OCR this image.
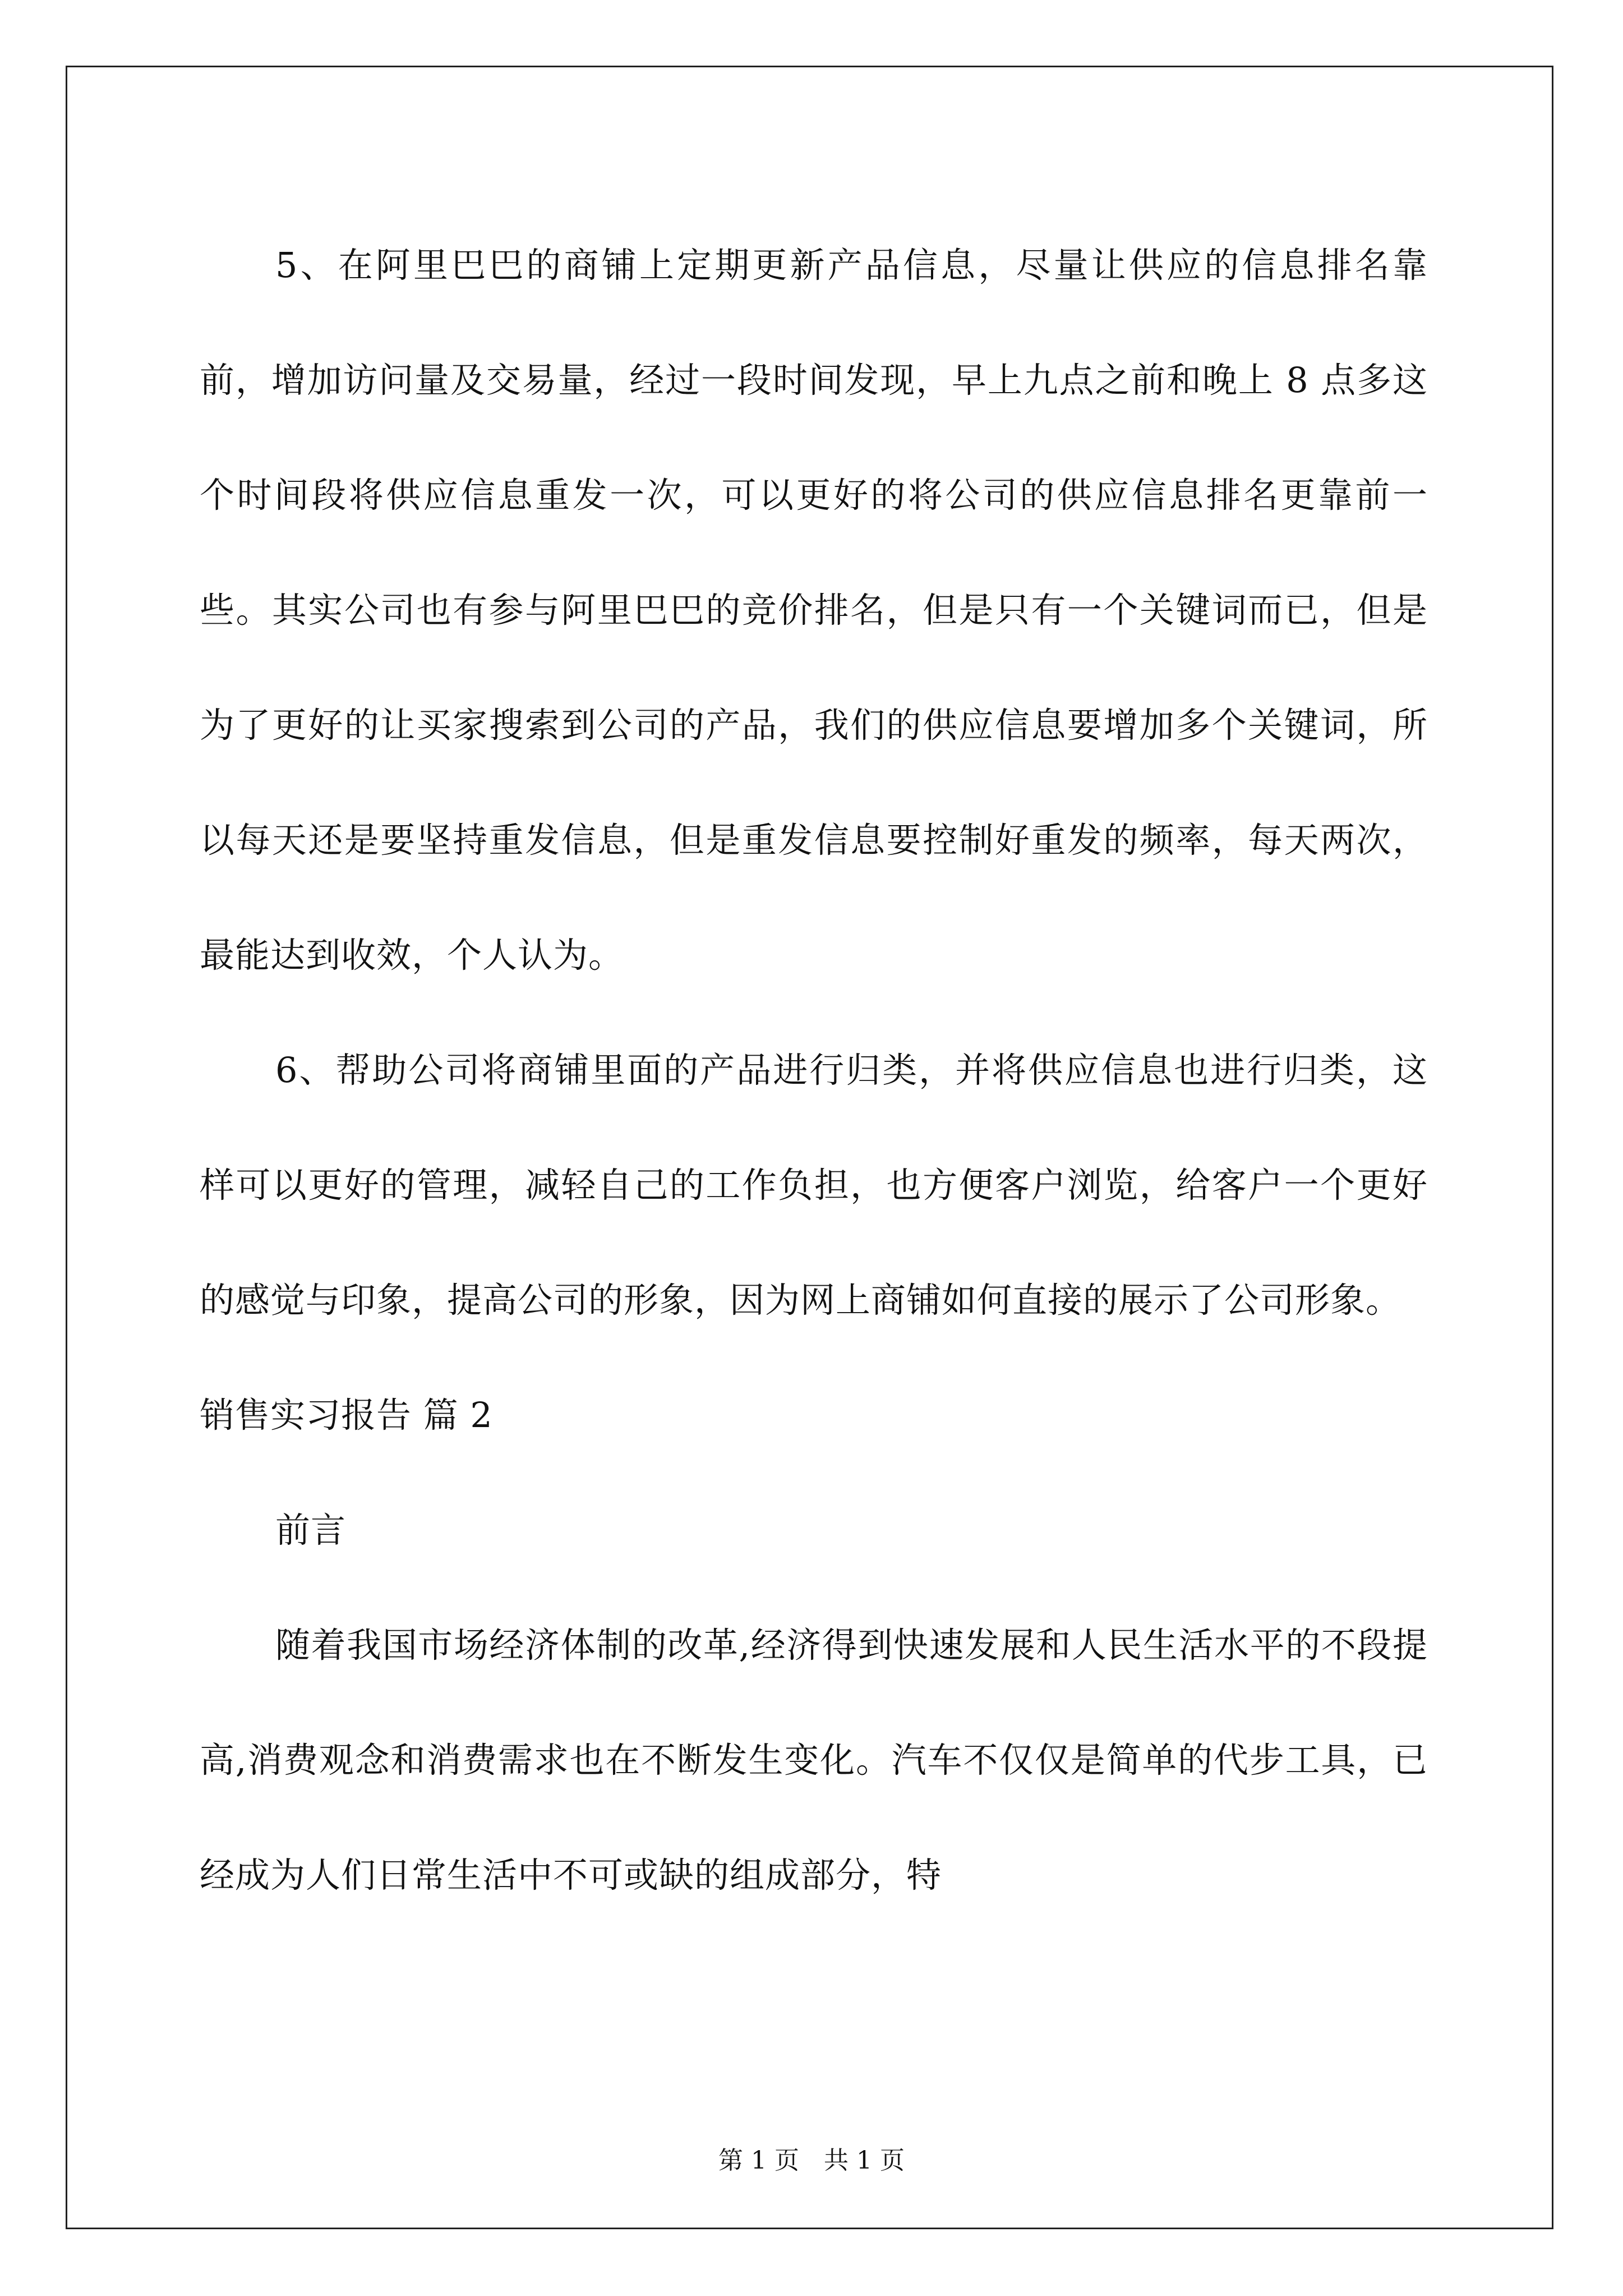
5、在阿里巴巴的商铺上定期更新产品信息，尽量让供应的信息排名靠前，增加访问量及交易量，经过一段时间发现，早上九点之前和晚上 8 点多这个时间段将供应信息重发一次，可以更好的将公司的供应信息排名更靠前一些。其实公司也有参与阿里巴巴的竞价排名，但是只有一个关键词而已，但是为了更好的让买家搜索到公司的产品，我们的供应信息要增加多个关键词，所以每天还是要坚持重发信息，但是重发信息要控制好重发的频率，每天两次，最能达到收效，个人认为。

6、帮助公司将商铺里面的产品进行归类，并将供应信息也进行归类，这样可以更好的管理，减轻自己的工作负担，也方便客户浏览，给客户一个更好的感觉与印象，提高公司的形象，因为网上商铺如何直接的展示了公司形象。

销售实习报告 篇 2

前言

随着我国市场经济体制的改革,经济得到快速发展和人民生活水平的不段提高,消费观念和消费需求也在不断发生变化。汽车不仅仅是简单的代步工具，已经成为人们日常生活中不可或缺的组成部分，特

第 1 页　共 1 页
